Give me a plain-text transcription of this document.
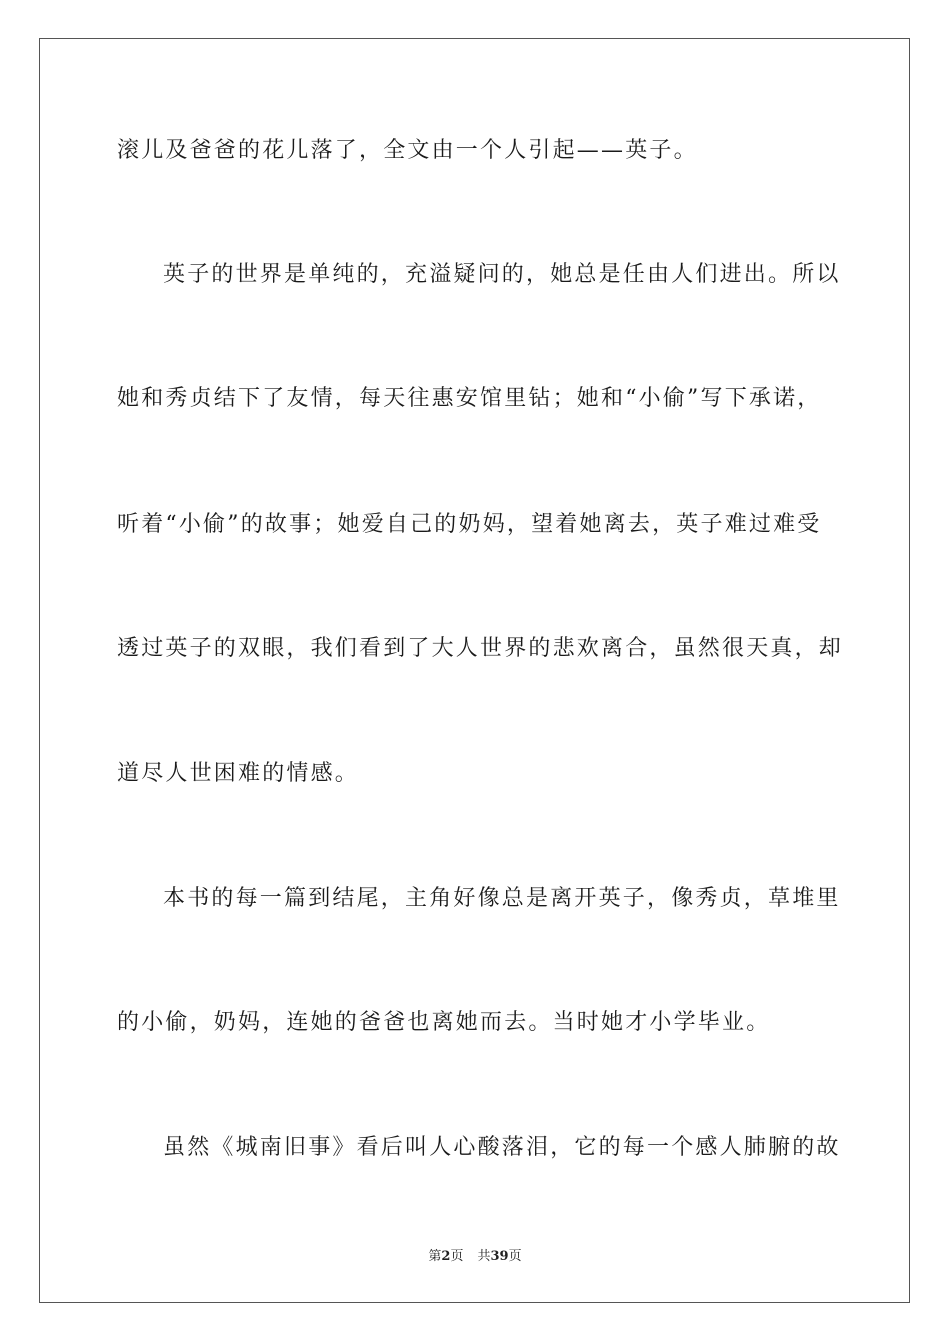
滚儿及爸爸的花儿落了，全文由一个人引起——英子。
英子的世界是单纯的，充溢疑问的，她总是任由人们进出。所以
她和秀贞结下了友情，每天往惠安馆里钻；她和“小偷”写下承诺，
听着“小偷”的故事；她爱自己的奶妈，望着她离去，英子难过难受
透过英子的双眼，我们看到了大人世界的悲欢离合，虽然很天真，却
道尽人世困难的情感。
本书的每一篇到结尾，主角好像总是离开英子，像秀贞，草堆里
的小偷，奶妈，连她的爸爸也离她而去。当时她才小学毕业。
虽然《城南旧事》看后叫人心酸落泪，它的每一个感人肺腑的故
第2页 共39页
